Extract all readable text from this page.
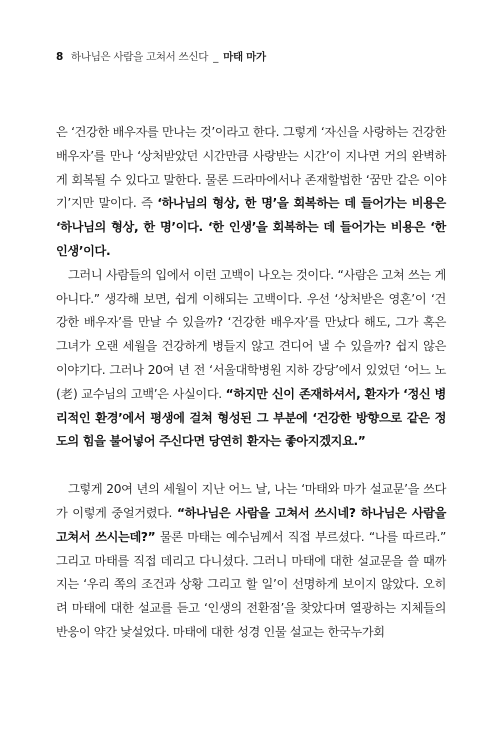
8 하나님은 사람을 고쳐서 쓰신다 _ 마태 마가

은 ‘건강한 배우자를 만나는 것’이라고 한다. 그렇게 ‘자신을 사랑하는 건강한 배우자’를 만나 ‘상처받았던 시간만큼 사랑받는 시간’이 지나면 거의 완벽하게 회복될 수 있다고 말한다. 물론 드라마에서나 존재할법한 ‘꿈만 같은 이야기’지만 말이다. 즉 ‘하나님의 형상, 한 명’을 회복하는 데 들어가는 비용은 ‘하나님의 형상, 한 명’이다. ‘한 인생’을 회복하는 데 들어가는 비용은 ‘한 인생’이다.

그러니 사람들의 입에서 이런 고백이 나오는 것이다. “사람은 고쳐 쓰는 게 아니다.” 생각해 보면, 쉽게 이해되는 고백이다. 우선 ‘상처받은 영혼’이 ‘건강한 배우자’를 만날 수 있을까? ‘건강한 배우자’를 만났다 해도, 그가 혹은 그녀가 오랜 세월을 건강하게 병들지 않고 견디어 낼 수 있을까? 쉽지 않은 이야기다. 그러나 20여 년 전 ‘서울대학병원 지하 강당’에서 있었던 ‘어느 노(老) 교수님의 고백’은 사실이다. “하지만 신이 존재하셔서, 환자가 ‘정신 병리적인 환경’에서 평생에 걸쳐 형성된 그 부분에 ‘건강한 방향으로 같은 정도의 힘을 불어넣어 주신다면 당연히 환자는 좋아지겠지요.”

그렇게 20여 년의 세월이 지난 어느 날, 나는 ‘마태와 마가 설교문’을 쓰다가 이렇게 중얼거렸다. “하나님은 사람을 고쳐서 쓰시네? 하나님은 사람을 고쳐서 쓰시는데?” 물론 마태는 예수님께서 직접 부르셨다. “나를 따르라.” 그리고 마태를 직접 데리고 다니셨다. 그러니 마태에 대한 설교문을 쓸 때까지는 ‘우리 쪽의 조건과 상황 그리고 할 일’이 선명하게 보이지 않았다. 오히려 마태에 대한 설교를 듣고 ‘인생의 전환점’을 찾았다며 열광하는 지체들의 반응이 약간 낯설었다. 마태에 대한 성경 인물 설교는 한국누가회
